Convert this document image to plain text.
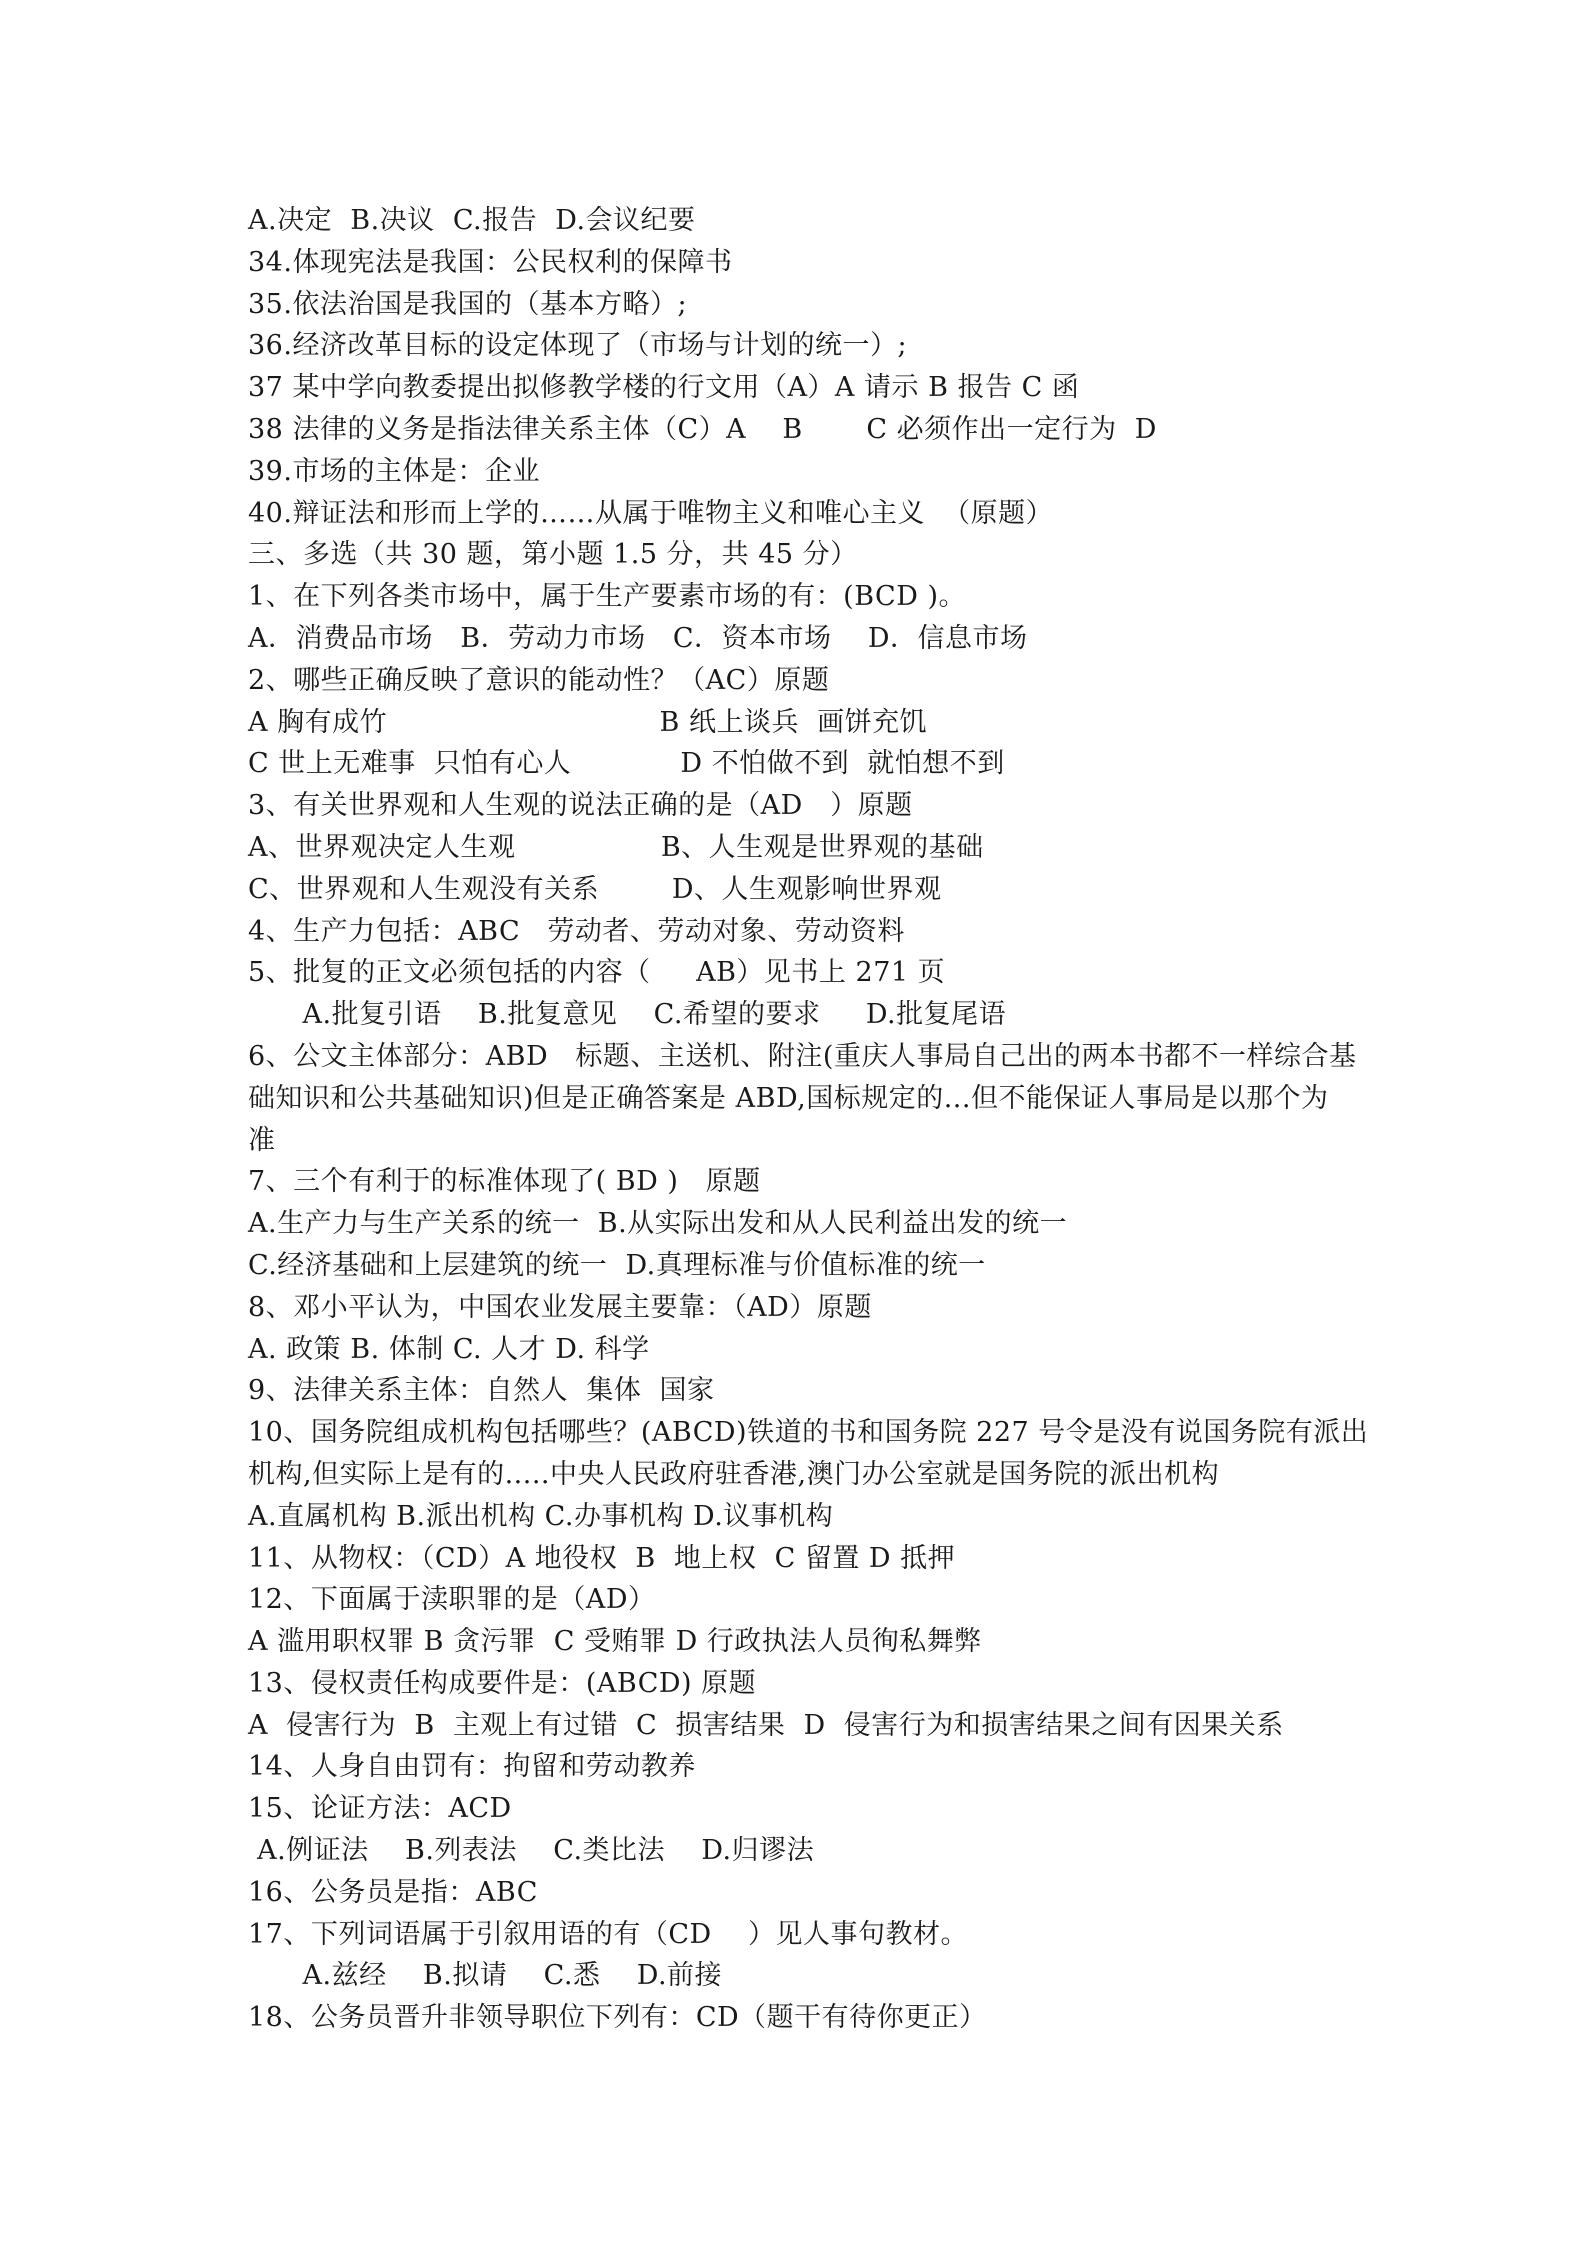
A.决定  B.决议  C.报告  D.会议纪要
34.体现宪法是我国：公民权利的保障书
35.依法治国是我国的（基本方略）;
36.经济改革目标的设定体现了（市场与计划的统一）;
37 某中学向教委提出拟修教学楼的行文用（A）A 请示 B 报告 C 函
38 法律的义务是指法律关系主体（C）A    B       C 必须作出一定行为  D
39.市场的主体是：企业
40.辩证法和形而上学的……从属于唯物主义和唯心主义  （原题）
三、多选（共 30 题，第小题 1.5 分，共 45 分）
1、在下列各类市场中，属于生产要素市场的有：(BCD )。
A．消费品市场   B．劳动力市场   C．资本市场    D．信息市场
2、哪些正确反映了意识的能动性？（AC）原题
A 胸有成竹                              B 纸上谈兵  画饼充饥
C 世上无难事  只怕有心人            D 不怕做不到  就怕想不到
3、有关世界观和人生观的说法正确的是（AD   ）原题
A、世界观决定人生观                B、人生观是世界观的基础
C、世界观和人生观没有关系        D、人生观影响世界观
4、生产力包括：ABC   劳动者、劳动对象、劳动资料
5、批复的正文必须包括的内容（     AB）见书上 271 页
A.批复引语    B.批复意见    C.希望的要求     D.批复尾语
6、公文主体部分：ABD   标题、主送机、附注(重庆人事局自己出的两本书都不一样综合基
础知识和公共基础知识)但是正确答案是 ABD,国标规定的...但不能保证人事局是以那个为
准
7、三个有利于的标准体现了( BD )   原题
A.生产力与生产关系的统一  B.从实际出发和从人民利益出发的统一
C.经济基础和上层建筑的统一  D.真理标准与价值标准的统一
8、邓小平认为，中国农业发展主要靠：（AD）原题
A. 政策 B. 体制 C. 人才 D. 科学
9、法律关系主体：自然人  集体  国家
10、国务院组成机构包括哪些？(ABCD)铁道的书和国务院 227 号令是没有说国务院有派出
机构,但实际上是有的.....中央人民政府驻香港,澳门办公室就是国务院的派出机构
A.直属机构 B.派出机构 C.办事机构 D.议事机构
11、从物权：（CD）A 地役权  B  地上权  C 留置 D 抵押
12、下面属于渎职罪的是（AD）
A 滥用职权罪 B 贪污罪  C 受贿罪 D 行政执法人员徇私舞弊
13、侵权责任构成要件是：(ABCD) 原题
A  侵害行为  B  主观上有过错  C  损害结果  D  侵害行为和损害结果之间有因果关系
14、人身自由罚有：拘留和劳动教养
15、论证方法：ACD
A.例证法    B.列表法    C.类比法    D.归谬法
16、公务员是指：ABC
17、下列词语属于引叙用语的有（CD    ）见人事句教材。
A.兹经    B.拟请    C.悉    D.前接
18、公务员晋升非领导职位下列有：CD（题干有待你更正）
